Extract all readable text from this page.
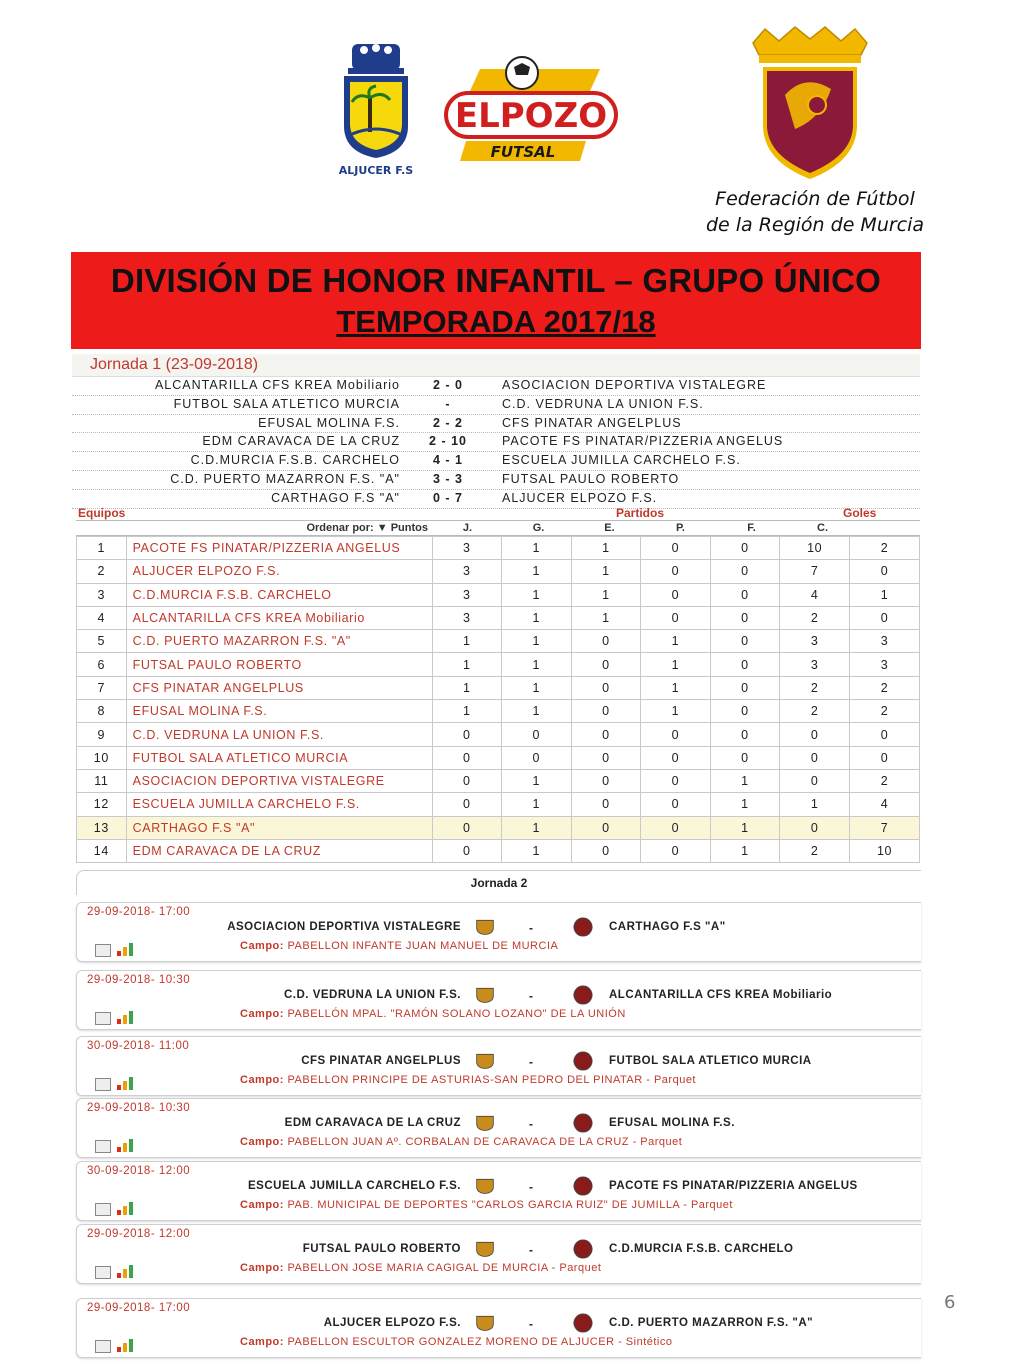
ALJUCER F.S
ELPOZO
FUTSAL
Federación de Fútbol
de la Región de Murcia
DIVISIÓN DE HONOR INFANTIL – GRUPO ÚNICO
TEMPORADA 2017/18
Jornada 1 (23-09-2018)
ALCANTARILLA CFS KREA Mobiliario	2 - 0	ASOCIACION DEPORTIVA VISTALEGRE
FUTBOL SALA ATLETICO MURCIA	-	C.D. VEDRUNA LA UNION F.S.
EFUSAL MOLINA F.S.	2 - 2	CFS PINATAR ANGELPLUS
EDM CARAVACA DE LA CRUZ	2 - 10	PACOTE FS PINATAR/PIZZERIA ANGELUS
C.D.MURCIA F.S.B. CARCHELO	4 - 1	ESCUELA JUMILLA CARCHELO F.S.
C.D. PUERTO MAZARRON F.S. "A"	3 - 3	FUTSAL PAULO ROBERTO
CARTHAGO F.S "A"	0 - 7	ALJUCER ELPOZO F.S.
Equipos	Partidos	Goles
Ordenar por: ▼ Puntos	J.	G.	E.	P.	F.	C.
1	PACOTE FS PINATAR/PIZZERIA ANGELUS	3	1	1	0	0	10	2
2	ALJUCER ELPOZO F.S.	3	1	1	0	0	7	0
3	C.D.MURCIA F.S.B. CARCHELO	3	1	1	0	0	4	1
4	ALCANTARILLA CFS KREA Mobiliario	3	1	1	0	0	2	0
5	C.D. PUERTO MAZARRON F.S. "A"	1	1	0	1	0	3	3
6	FUTSAL PAULO ROBERTO	1	1	0	1	0	3	3
7	CFS PINATAR ANGELPLUS	1	1	0	1	0	2	2
8	EFUSAL MOLINA F.S.	1	1	0	1	0	2	2
9	C.D. VEDRUNA LA UNION F.S.	0	0	0	0	0	0	0
10	FUTBOL SALA ATLETICO MURCIA	0	0	0	0	0	0	0
11	ASOCIACION DEPORTIVA VISTALEGRE	0	1	0	0	1	0	2
12	ESCUELA JUMILLA CARCHELO F.S.	0	1	0	0	1	1	4
13	CARTHAGO F.S "A"	0	1	0	0	1	0	7
14	EDM CARAVACA DE LA CRUZ	0	1	0	0	1	2	10
Jornada 2
29-09-2018- 17:00
ASOCIACION DEPORTIVA VISTALEGRE	-	CARTHAGO F.S "A"
Campo: PABELLON INFANTE JUAN MANUEL DE MURCIA
29-09-2018- 10:30
C.D. VEDRUNA LA UNION F.S.	-	ALCANTARILLA CFS KREA Mobiliario
Campo: PABELLÓN MPAL. "RAMÓN SOLANO LOZANO" DE LA UNIÓN
30-09-2018- 11:00
CFS PINATAR ANGELPLUS	-	FUTBOL SALA ATLETICO MURCIA
Campo: PABELLON PRINCIPE DE ASTURIAS-SAN PEDRO DEL PINATAR - Parquet
29-09-2018- 10:30
EDM CARAVACA DE LA CRUZ	-	EFUSAL MOLINA F.S.
Campo: PABELLON JUAN Aº. CORBALAN DE CARAVACA DE LA CRUZ - Parquet
30-09-2018- 12:00
ESCUELA JUMILLA CARCHELO F.S.	-	PACOTE FS PINATAR/PIZZERIA ANGELUS
Campo: PAB. MUNICIPAL DE DEPORTES "CARLOS GARCIA RUIZ" DE JUMILLA - Parquet
29-09-2018- 12:00
FUTSAL PAULO ROBERTO	-	C.D.MURCIA F.S.B. CARCHELO
Campo: PABELLON JOSE MARIA CAGIGAL DE MURCIA - Parquet
29-09-2018- 17:00
ALJUCER ELPOZO F.S.	-	C.D. PUERTO MAZARRON F.S. "A"
Campo: PABELLON ESCULTOR GONZALEZ MORENO DE ALJUCER - Sintético
6
